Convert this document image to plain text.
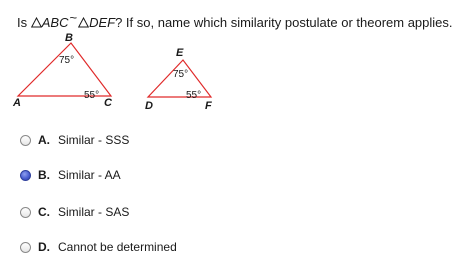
Is ABC~ DEF? If so, name which similarity postulate or theorem applies.
B
A	C
75°
55°
E
D	F
75°
55°
A. Similar - SSS
B. Similar - AA
C. Similar - SAS
D. Cannot be determined
